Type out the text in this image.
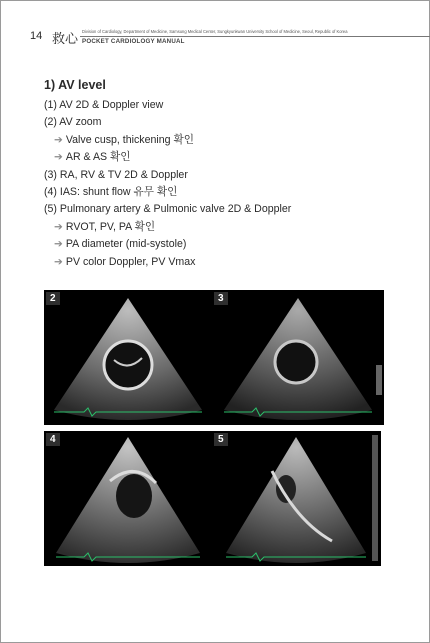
14 救心
Division of Cardiology, Department of Medicine, Samsung Medical Center, Sungkyunkwan University School of Medicine, Seoul, Republic of Korea
POCKET CARDIOLOGY MANUAL
1) AV level
(1) AV 2D & Doppler view
(2) AV zoom
➔ Valve cusp, thickening 확인
➔ AR & AS 확인
(3) RA, RV & TV 2D & Doppler
(4) IAS: shunt flow 유무 확인
(5) Pulmonary artery & Pulmonic valve 2D & Doppler
➔ RVOT, PV, PA 확인
➔ PA diameter (mid-systole)
➔ PV color Doppler, PV Vmax
2	3
4	5
